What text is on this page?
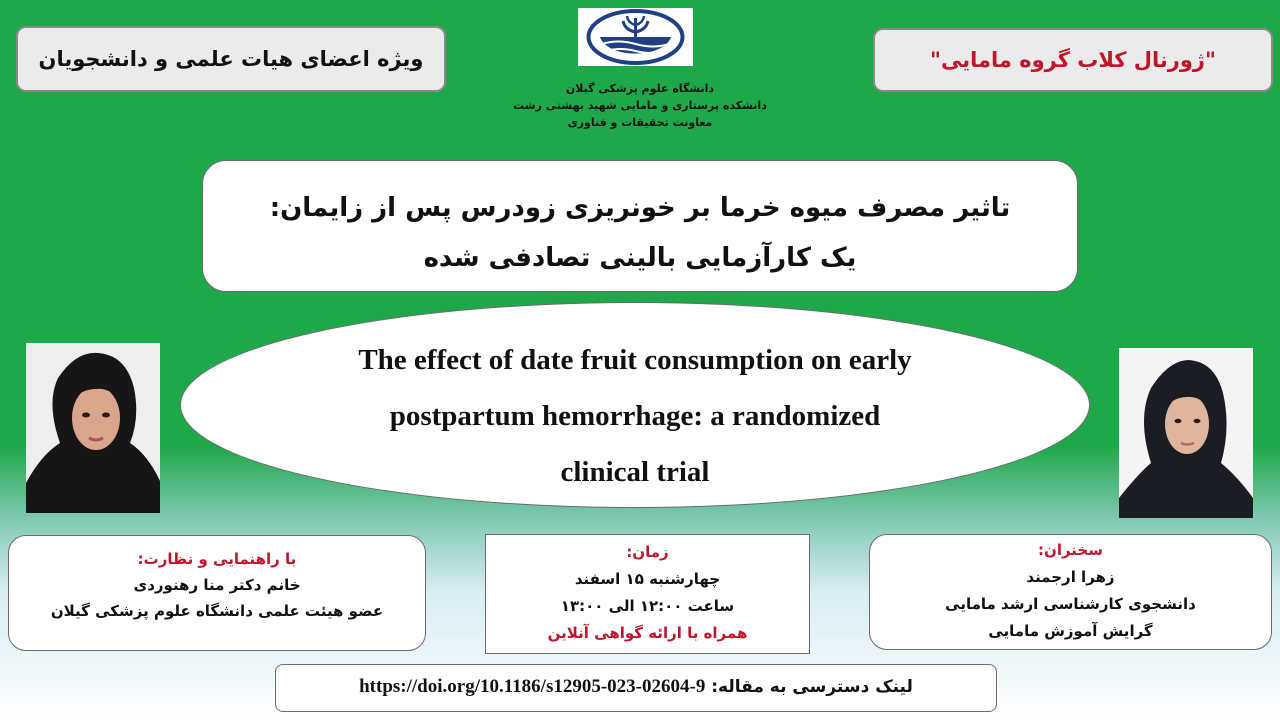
ویژه اعضای هیات علمی و دانشجویان	"ژورنال کلاب گروه مامایی"
دانشگاه علوم پزشکی گیلان
دانشکده پرستاری و مامایی شهید بهشتی رشت
معاونت تحقیقات و فناوری
تاثیر مصرف میوه خرما بر خونریزی زودرس پس از زایمان:
یک کارآزمایی بالینی تصادفی شده
The effect of date fruit consumption on early
postpartum hemorrhage: a randomized
clinical trial
با راهنمایی و نظارت:
خانم دکتر منا رهنوردی
عضو هیئت علمی دانشگاه علوم پزشکی گیلان
زمان:
چهارشنبه ۱۵ اسفند
ساعت ۱۲:۰۰ الی ۱۳:۰۰
همراه با ارائه گواهی آنلاین
سخنران:
زهرا ارجمند
دانشجوی کارشناسی ارشد مامایی
گرایش آموزش مامایی
لینک دسترسی به مقاله: https://doi.org/10.1186/s12905-023-02604-9
